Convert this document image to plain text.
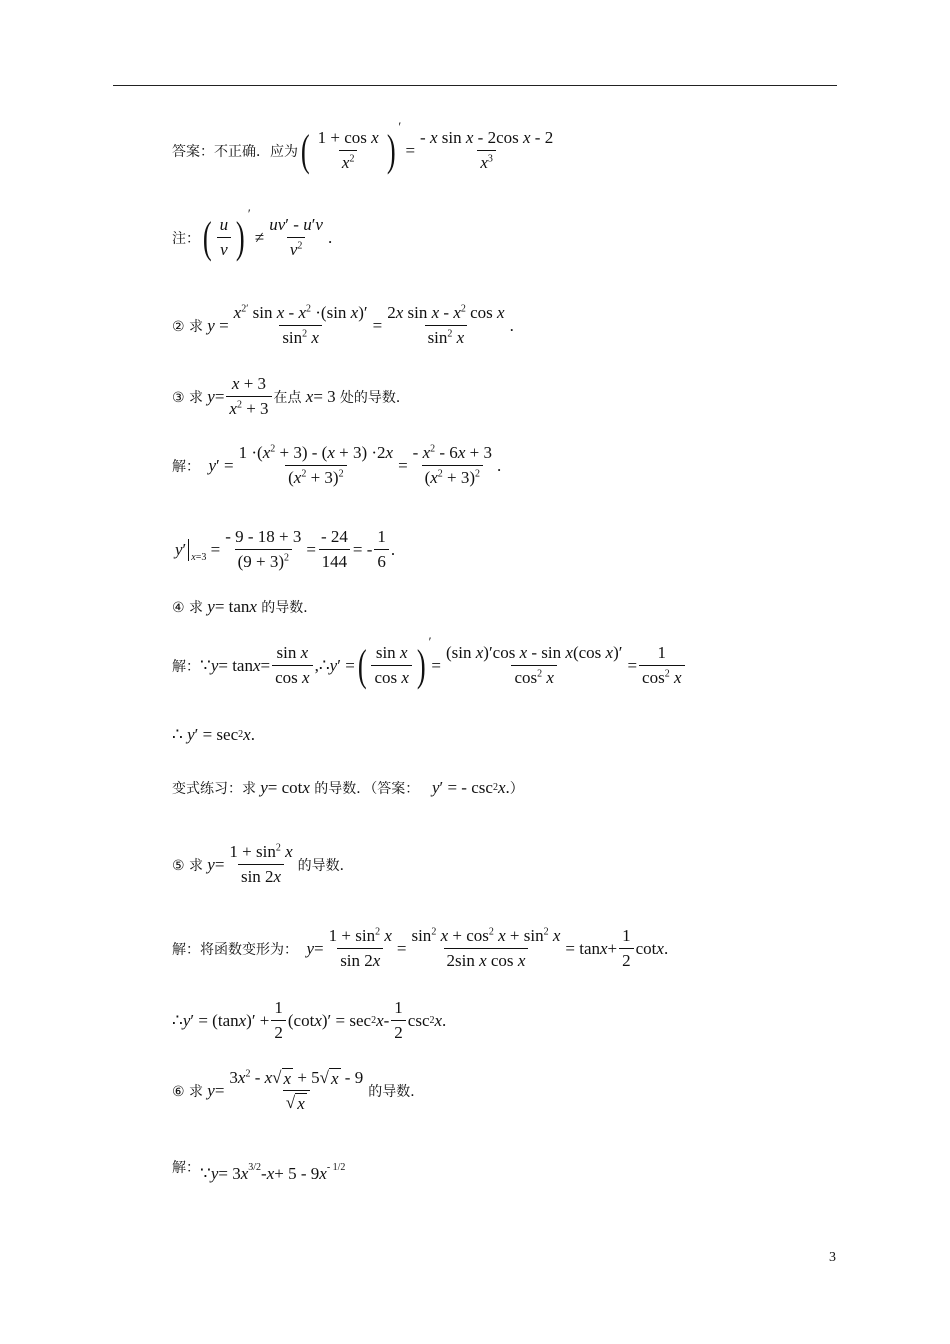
答案：不正确．应为 ( $\frac{\text{1 + cos x}}{x^2}$ ) ′
= $\frac{\text{- x sin x - 2cos x - 2}}{x^3}$
注： ( $\frac{u}{v}$ ) ′
≠ $\frac{uv' - u'v}{v^2}$ .
② 求
$y = \frac{x^{2'} \sin x - x^2 \cdot(\sin x)'}{\sin^2 x} = \frac{2x \sin x - x^2 \cos x}{\sin^2 x}$ .
③ 求
$y = \frac{x + 3}{x^2 + 3}$ 在点
x = 3 处的导数．
解：
y ′ = $\frac{1 \cdot(x^2 + 3) - (x + 3) \cdot 2x}{(x^2 + 3)^2} = \frac{- x^2 - 6x + 3}{(x^2 + 3)^2}$ .
y ′ $_{x=3} = \frac{- 9 - 18 + 3}{(9 + 3)^2} = \frac{- 24}{144}$ = - $\frac{1}{6}$ .
④ 求
y = tan x
的导数．
解： ∵ $y = \tan x = \frac{\text{sin x}}{\text{cos x}}$ ,∴ y ′ = ( $\frac{\text{sin x}}{\text{cos x}}$ ) ′
= $\frac{\text{(sin x)′cos x - sin x(cos x)′}}{\cos^2 x} = \frac{1}{\cos^2 x}$
∴ y ′ = sec 2 x .
变式练习：求
y = cot x
的导数．（答案：
y ′ = - csc 2 x . ）
⑤ 求
$y = \frac{1 + \sin^2 x}{\sin 2x}$ 的导数．
解：将函数变形为：
$y = \frac{1 + \sin^2 x}{\sin 2x} = \frac{\sin^2 x + \cos^2 x + \sin^2 x}{\text{2sin x cos x}} = \tan x + \frac{1}{2}$ cot x .
∴ y ′ = (tan x )′ + $\frac{1}{2} (\cot$ x )′ = sec 2 x - $\frac{1}{2}$ csc 2 x .
⑥ 求
$y = \frac{3x^2 - x√ x + 5√ x - 9}{√ x}$ 的导数．
解： ∵ y = 3 $x^{3/2} - x + 5 - 9$ $x^{- 1/2}$
3
